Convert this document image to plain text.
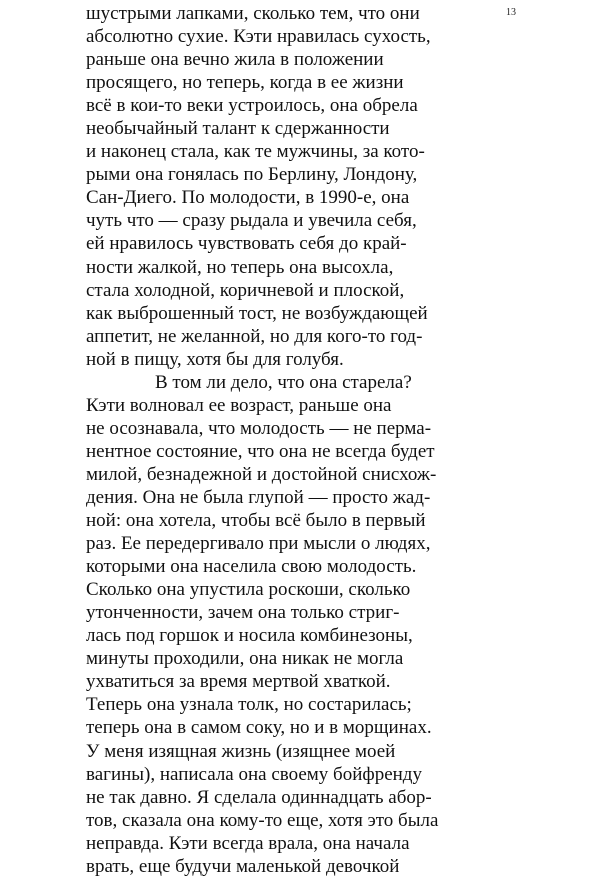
13
шустрыми лапками, сколько тем, что они
абсолютно сухие. Кэти нравилась сухость,
раньше она вечно жила в положении
просящего, но теперь, когда в ее жизни
всё в кои-то веки устроилось, она обрела
необычайный талант к сдержанности
и наконец стала, как те мужчины, за кото-
рыми она гонялась по Берлину, Лондону,
Сан-Диего. По молодости, в 1990-е, она
чуть что — сразу рыдала и увечила себя,
ей нравилось чувствовать себя до край-
ности жалкой, но теперь она высохла,
стала холодной, коричневой и плоской,
как выброшенный тост, не возбуждающей
аппетит, не желанной, но для кого-то год-
ной в пищу, хотя бы для голубя.
В том ли дело, что она старела?
Кэти волновал ее возраст, раньше она
не осознавала, что молодость — не перма-
нентное состояние, что она не всегда будет
милой, безнадежной и достойной снисхож-
дения. Она не была глупой — просто жад-
ной: она хотела, чтобы всё было в первый
раз. Ее передергивало при мысли о людях,
которыми она населила свою молодость.
Сколько она упустила роскоши, сколько
утонченности, зачем она только стриг-
лась под горшок и носила комбинезоны,
минуты проходили, она никак не могла
ухватиться за время мертвой хваткой.
Теперь она узнала толк, но состарилась;
теперь она в самом соку, но и в морщинах.
У меня изящная жизнь (изящнее моей
вагины), написала она своему бойфренду
не так давно. Я сделала одиннадцать абор-
тов, сказала она кому-то еще, хотя это была
неправда. Кэти всегда врала, она начала
врать, еще будучи маленькой девочкой
